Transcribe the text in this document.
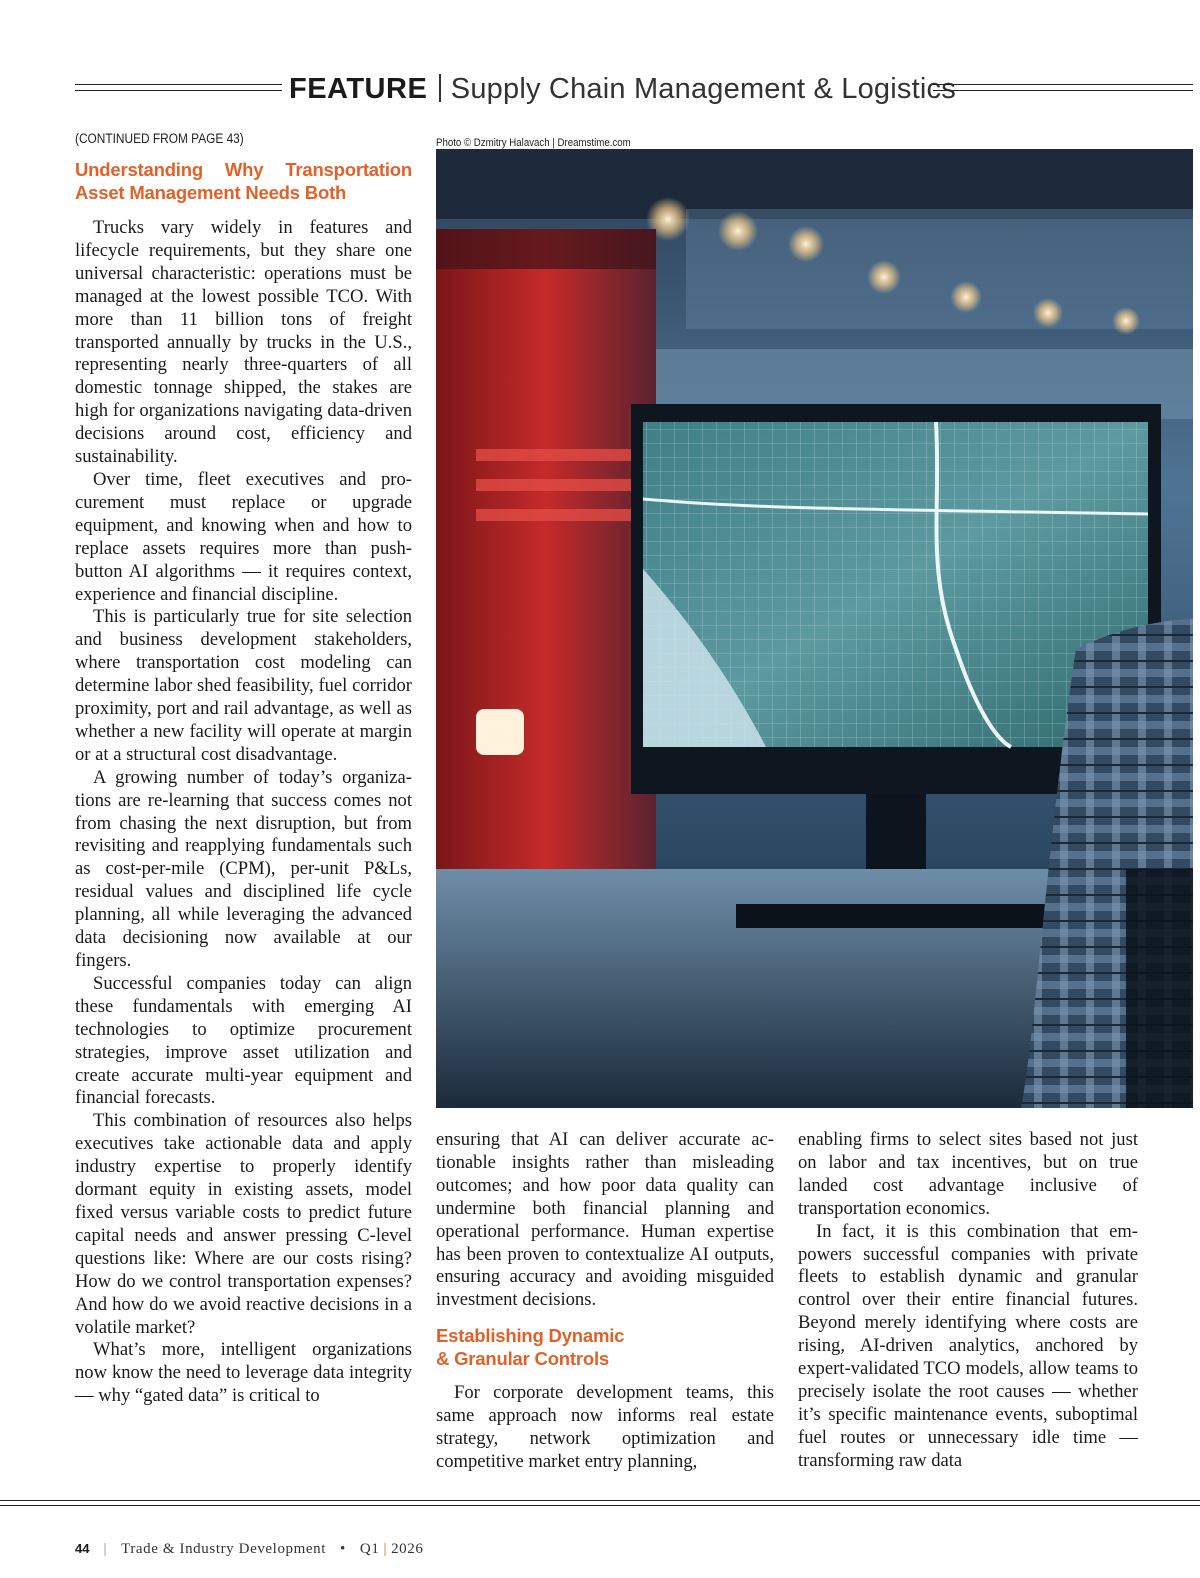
FEATURE Supply Chain Management & Logistics
(CONTINUED FROM PAGE 43)
Understanding Why Transportation Asset Management Needs Both

Trucks vary widely in features and lifecycle requirements, but they share one universal characteristic: operations must be managed at the lowest possible TCO. With more than 11 billion tons of freight transported annually by trucks in the U.S., representing nearly three-quarters of all domestic tonnage shipped, the stakes are high for organizations navigating data-driven decisions around cost, efficiency and sustainability.

Over time, fleet executives and procurement must replace or upgrade equipment, and knowing when and how to replace assets requires more than push-button AI algorithms — it requires context, experience and financial discipline.

This is particularly true for site selection and business development stakeholders, where transportation cost modeling can determine labor shed feasibility, fuel corridor proximity, port and rail advantage, as well as whether a new facility will operate at margin or at a structural cost disadvantage.

A growing number of today’s organizations are re-learning that success comes not from chasing the next disruption, but from revisiting and reapplying fundamentals such as cost-per-mile (CPM), per-unit P&Ls, residual values and disciplined life cycle planning, all while leveraging the advanced data decisioning now available at our fingers.

Successful companies today can align these fundamentals with emerging AI technologies to optimize procurement strategies, improve asset utilization and create accurate multi-year equipment and financial forecasts.

This combination of resources also helps executives take actionable data and apply industry expertise to properly identify dormant equity in existing assets, model fixed versus variable costs to predict future capital needs and answer pressing C-level questions like: Where are our costs rising? How do we control transportation expenses? And how do we avoid reactive decisions in a volatile market?

What’s more, intelligent organizations now know the need to leverage data integrity — why “gated data” is critical to

Photo © Dzmitry Halavach | Dreamstime.com

ensuring that AI can deliver accurate actionable insights rather than misleading outcomes; and how poor data quality can undermine both financial planning and operational performance. Human expertise has been proven to contextualize AI outputs, ensuring accuracy and avoiding misguided investment decisions.

Establishing Dynamic
& Granular Controls

For corporate development teams, this same approach now informs real estate strategy, network optimization and competitive market entry planning,

enabling firms to select sites based not just on labor and tax incentives, but on true landed cost advantage inclusive of transportation economics.

In fact, it is this combination that empowers successful companies with private fleets to establish dynamic and granular control over their entire financial futures. Beyond merely identifying where costs are rising, AI-driven analytics, anchored by expert-validated TCO models, allow teams to precisely isolate the root causes — whether it’s specific maintenance events, suboptimal fuel routes or unnecessary idle time — transforming raw data

44 | Trade & Industry Development • Q1 | 2026
